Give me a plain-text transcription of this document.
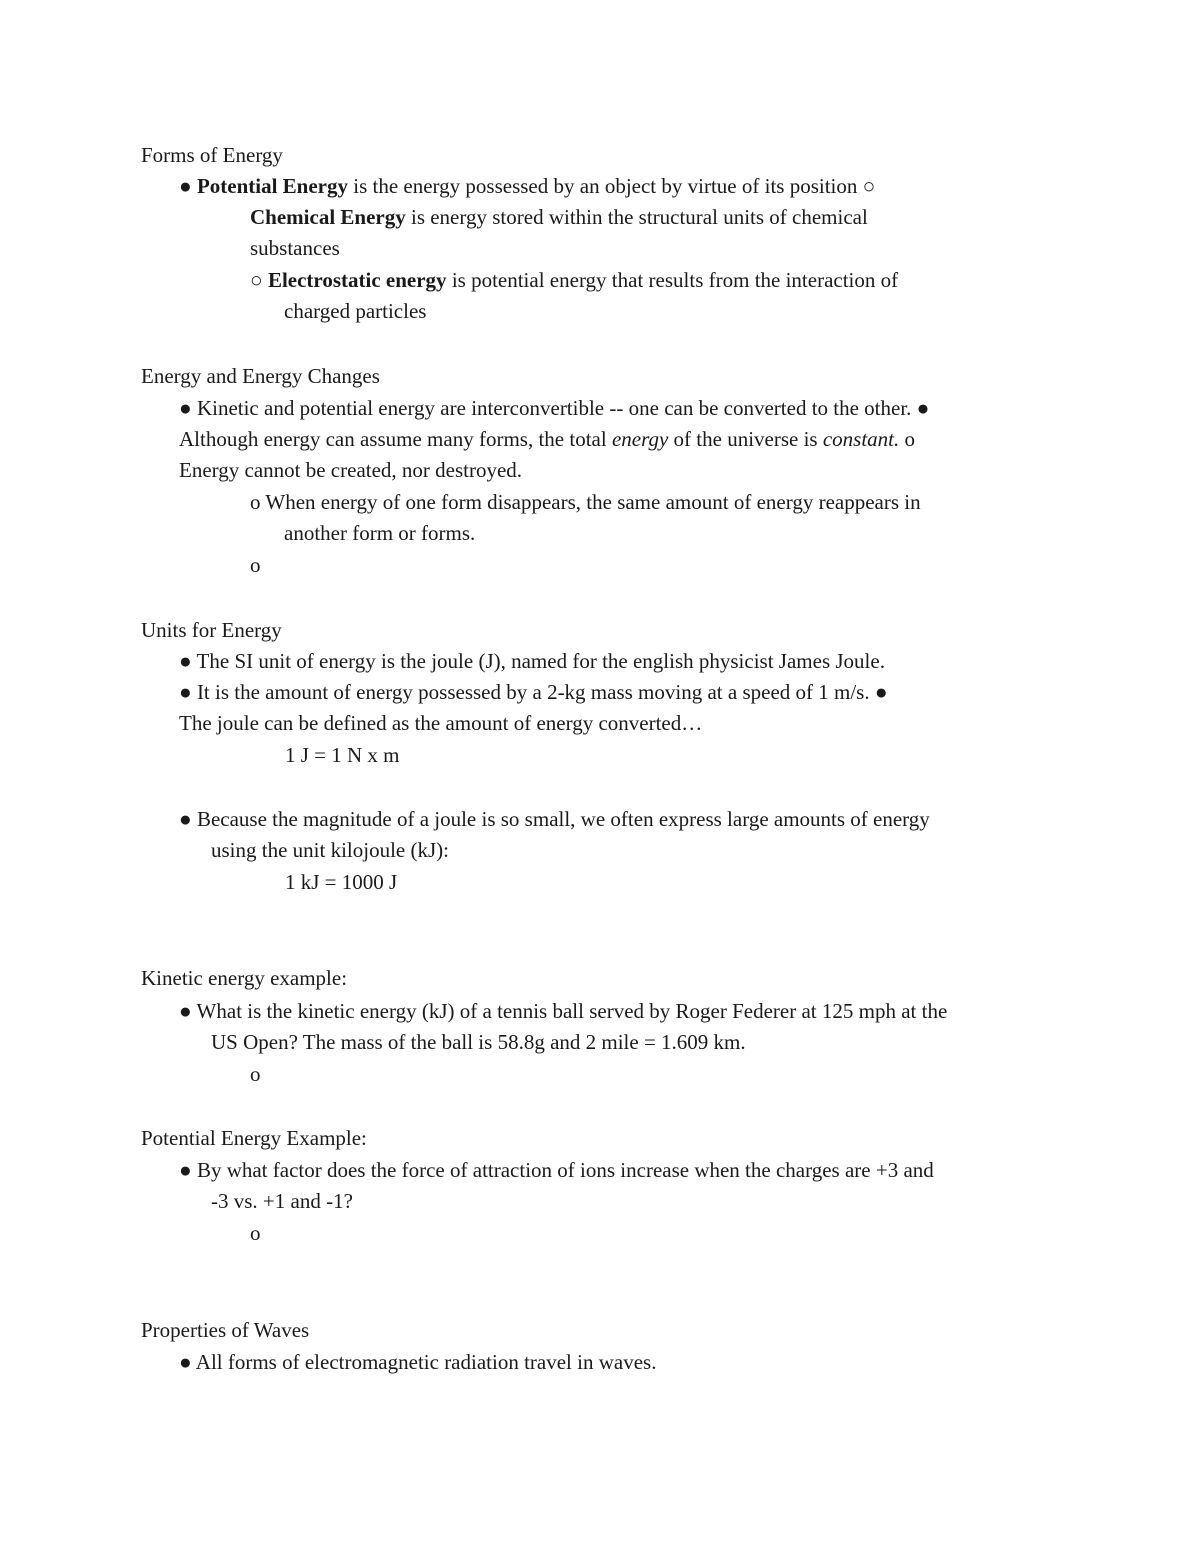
Forms of Energy

● Potential Energy is the energy possessed by an object by virtue of its position ○

Chemical Energy is energy stored within the structural units of chemical

substances

○ Electrostatic energy is potential energy that results from the interaction of

charged particles

Energy and Energy Changes

● Kinetic and potential energy are interconvertible -- one can be converted to the other. ●

Although energy can assume many forms, the total energy of the universe is constant. o

Energy cannot be created, nor destroyed.

o When energy of one form disappears, the same amount of energy reappears in

another form or forms.

o

Units for Energy

● The SI unit of energy is the joule (J), named for the english physicist James Joule.

● It is the amount of energy possessed by a 2-kg mass moving at a speed of 1 m/s. ●

The joule can be defined as the amount of energy converted…

1 J = 1 N x m

● Because the magnitude of a joule is so small, we often express large amounts of energy

using the unit kilojoule (kJ):

1 kJ = 1000 J

Kinetic energy example:

● What is the kinetic energy (kJ) of a tennis ball served by Roger Federer at 125 mph at the

US Open? The mass of the ball is 58.8g and 2 mile = 1.609 km.

o

Potential Energy Example:

● By what factor does the force of attraction of ions increase when the charges are +3 and

-3 vs. +1 and -1?

o

Properties of Waves

● All forms of electromagnetic radiation travel in waves.
